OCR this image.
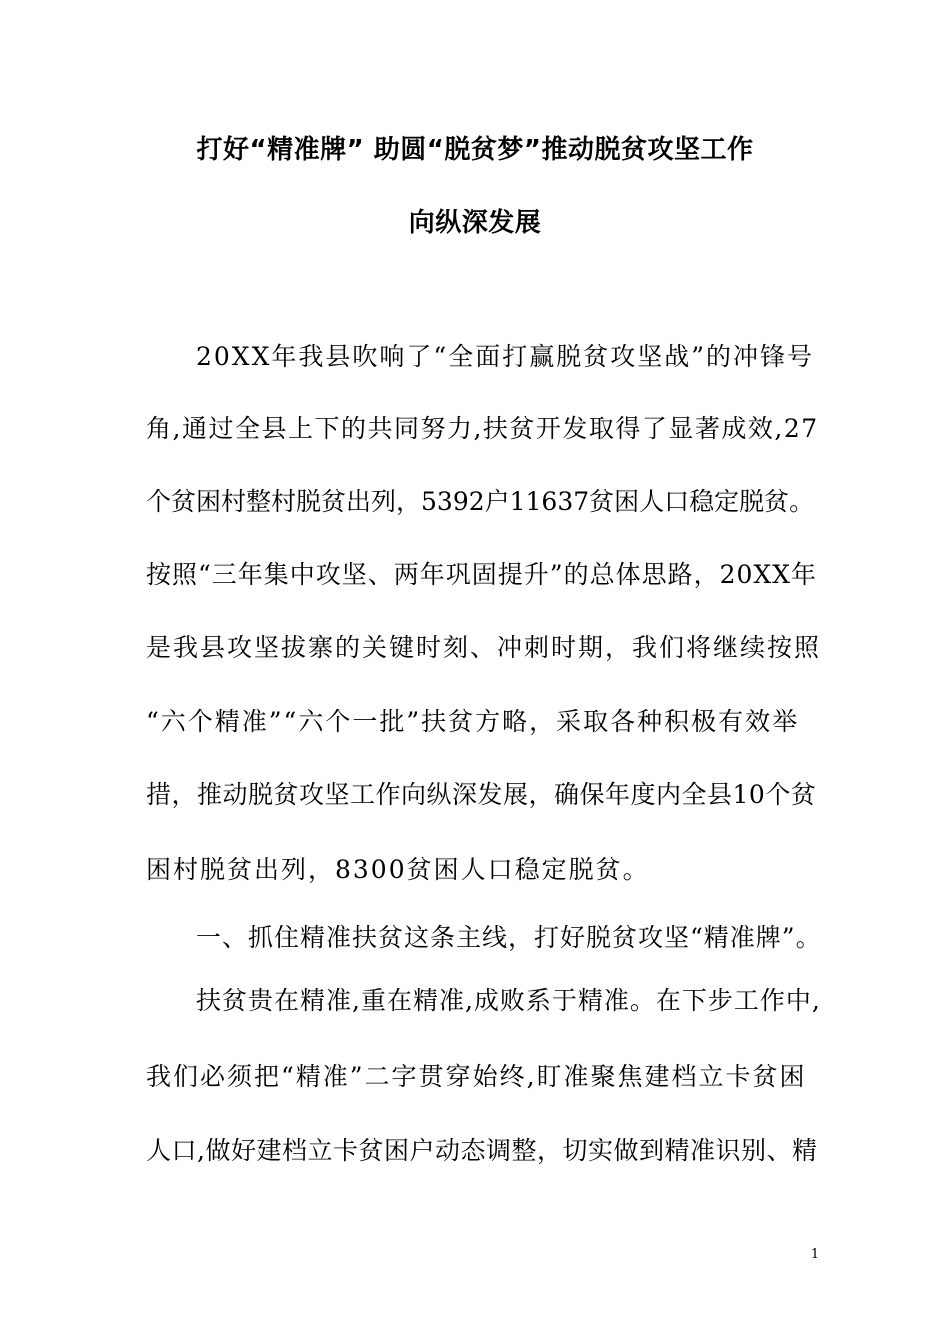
打好“精准牌” 助圆“脱贫梦”推动脱贫攻坚工作
向纵深发展
20XX年我县吹响了“全面打赢脱贫攻坚战”的冲锋号
角,通过全县上下的共同努力,扶贫开发取得了显著成效,27
个贫困村整村脱贫出列，5392户11637贫困人口稳定脱贫。
按照“三年集中攻坚、两年巩固提升”的总体思路，20XX年
是我县攻坚拔寨的关键时刻、冲刺时期，我们将继续按照
“六个精准”“六个一批”扶贫方略，采取各种积极有效举
措，推动脱贫攻坚工作向纵深发展，确保年度内全县10个贫
困村脱贫出列，8300贫困人口稳定脱贫。
一、抓住精准扶贫这条主线，打好脱贫攻坚“精准牌”。
扶贫贵在精准,重在精准,成败系于精准。在下步工作中,
我们必须把“精准”二字贯穿始终,盯准聚焦建档立卡贫困
人口,做好建档立卡贫困户动态调整，切实做到精准识别、精
1
